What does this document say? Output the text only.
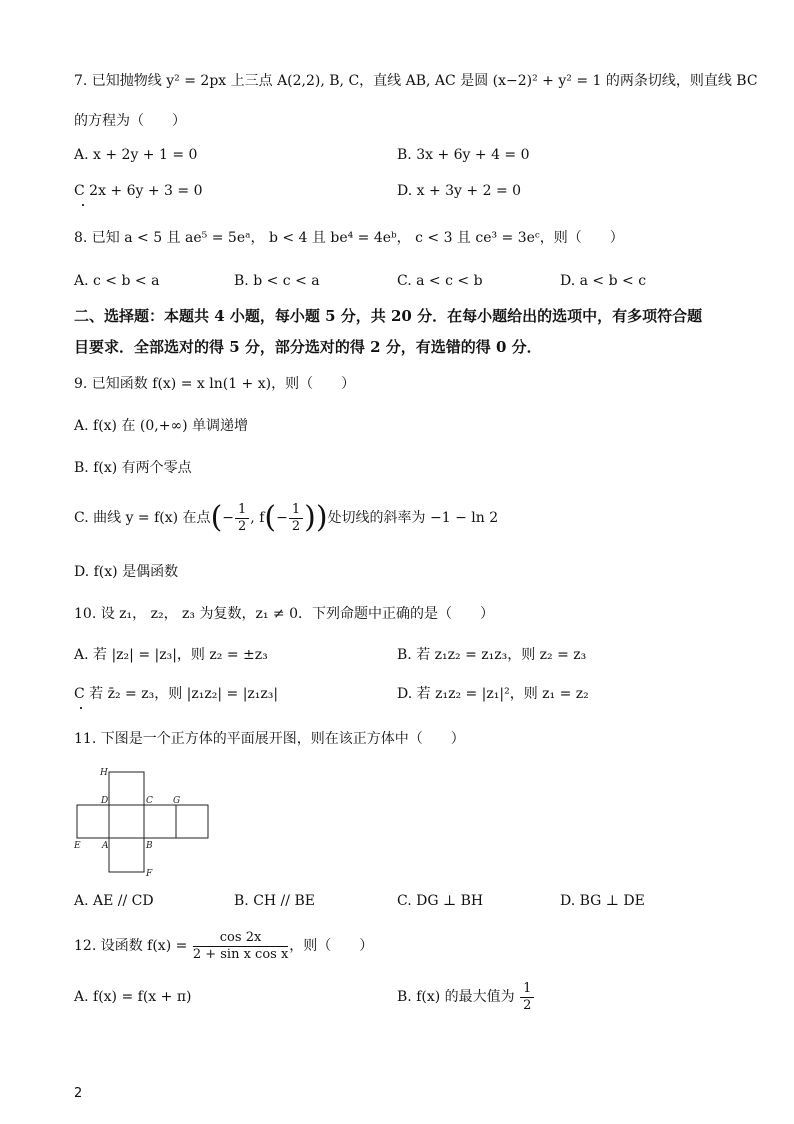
7. 已知抛物线 y² = 2px 上三点 A(2,2), B, C，直线 AB, AC 是圆 (x−2)² + y² = 1 的两条切线，则直线 BC
的方程为（　　）
A. x + 2y + 1 = 0	B. 3x + 6y + 4 = 0
C 2x + 6y + 3 = 0	D. x + 3y + 2 = 0
8. 已知 a < 5 且 ae⁵ = 5eᵃ， b < 4 且 be⁴ = 4eᵇ， c < 3 且 ce³ = 3eᶜ，则（　　）
A. c < b < a	B. b < c < a	C. a < c < b	D. a < b < c
二、选择题：本题共 4 小题，每小题 5 分，共 20 分．在每小题给出的选项中，有多项符合题
目要求．全部选对的得 5 分，部分选对的得 2 分，有选错的得 0 分．
9. 已知函数 f(x) = x ln(1 + x)，则（　　）
A. f(x) 在 (0,+∞) 单调递增
B. f(x) 有两个零点
C. 曲线 y = f(x) 在点(− $\frac{1}{2}$ , $f(- \frac{1}{2}$ ))处切线的斜率为 −1 − ln 2
D. f(x) 是偶函数
10. 设 z₁， z₂， z₃ 为复数，z₁ ≠ 0．下列命题中正确的是（　　）
A. 若 |z₂| = |z₃|，则 z₂ = ±z₃	B. 若 z₁z₂ = z₁z₃，则 z₂ = z₃
C 若 z̄₂ = z₃，则 |z₁z₂| = |z₁z₃|	D. 若 z₁z₂ = |z₁|²，则 z₁ = z₂
11. 下图是一个正方体的平面展开图，则在该正方体中（　　）
H
D	C G
E A	B
F
A. AE // CD	B. CH // BE	C. DG ⊥ BH	D. BG ⊥ DE
12. 设函数 $f(x) = \frac{\cos 2x}{\text{2 + sin x cos x}}$ ，则（　　）
A. f(x) = f(x + π)	B. f(x) 的最大值为 $\frac{1}{2}$
2
